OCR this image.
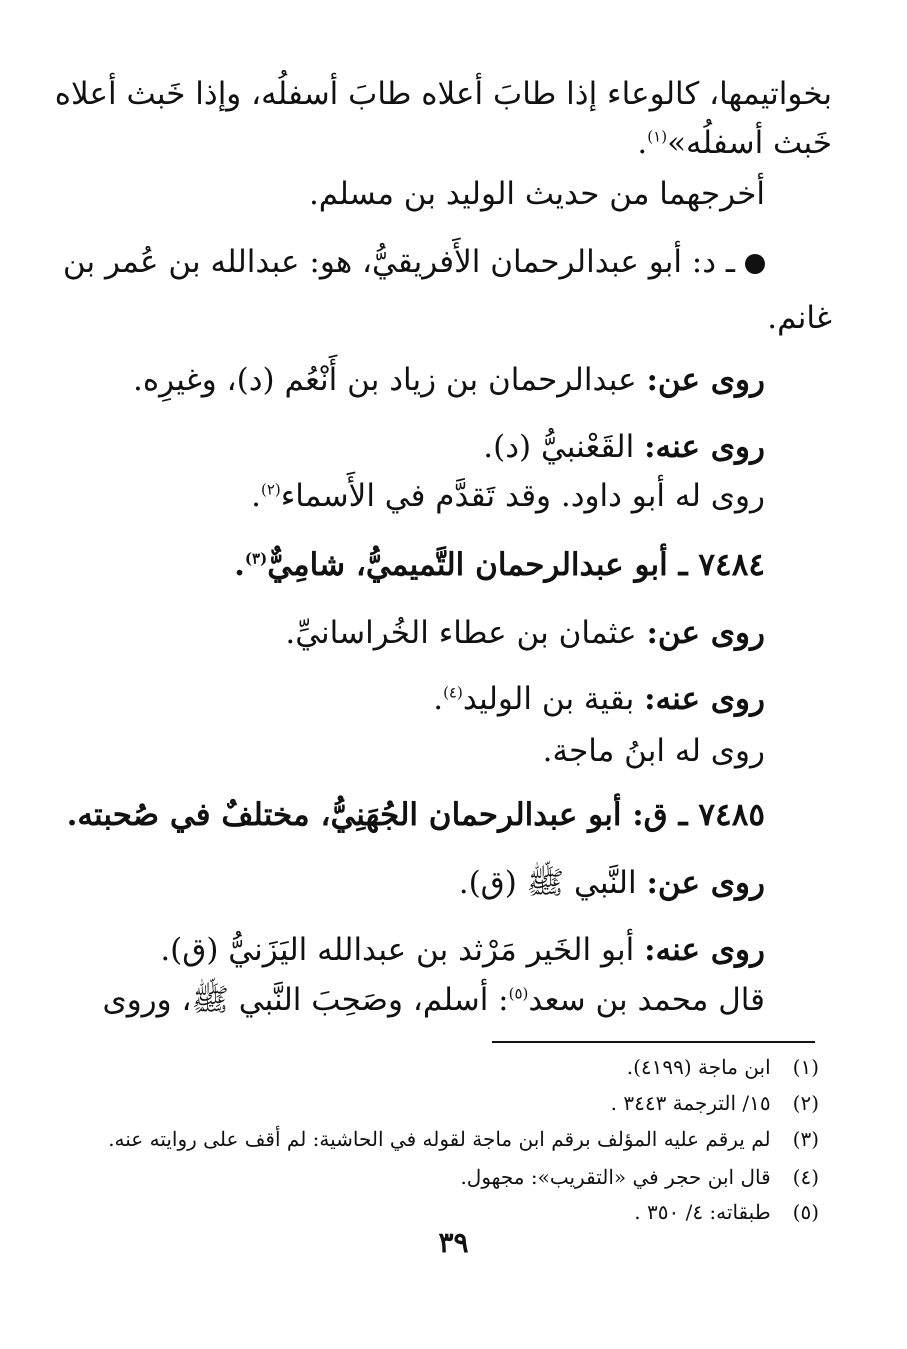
بخواتيمها، كالوعاء إذا طابَ أعلاه طابَ أسفلُه، وإذا خَبث أعلاه
خَبث أسفلُه»$^{(١)}$.
أخرجهما من حديث الوليد بن مسلم.
ـ د: أبو عبدالرحمان الأَفريقيُّ، هو: عبدالله بن عُمر بن
غانم.
روى عن: عبدالرحمان بن زياد بن أَنْعُم (د)، وغيرِه.
روى عنه: القَعْنبيُّ (د).
روى له أبو داود. وقد تَقدَّم في الأَسماء$^{(٢)}$.
٧٤٨٤ ـ أبو عبدالرحمان التَّميميُّ، شامِيٌّ$^{(٣)}$.
روى عن: عثمان بن عطاء الخُراسانيِّ.
روى عنه: بقية بن الوليد$^{(٤)}$.
روى له ابنُ ماجة.
٧٤٨٥ ـ ق: أبو عبدالرحمان الجُهَنِيُّ، مختلفٌ في صُحبته.
روى عن: النَّبي ﷺ (ق).
روى عنه: أبو الخَير مَرْثد بن عبدالله اليَزَنيُّ (ق).
قال محمد بن سعد$^{(٥)}$: أسلم، وصَحِبَ النَّبي ﷺ، وروى
(١) ابن ماجة (٤١٩٩).
(٢) ١٥/ الترجمة ٣٤٤٣ .
(٣) لم يرقم عليه المؤلف برقم ابن ماجة لقوله في الحاشية: لم أقف على روايته عنه.
(٤) قال ابن حجر في «التقريب»: مجهول.
(٥) طبقاته: ٤/ ٣٥٠ .
٣٩
